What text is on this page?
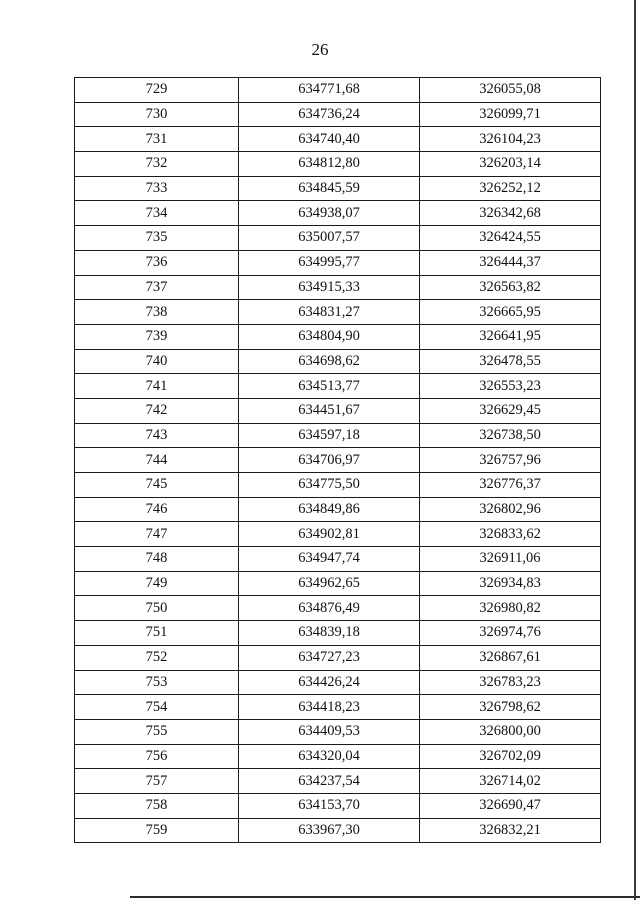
26
729	634771,68	326055,08
730	634736,24	326099,71
731	634740,40	326104,23
732	634812,80	326203,14
733	634845,59	326252,12
734	634938,07	326342,68
735	635007,57	326424,55
736	634995,77	326444,37
737	634915,33	326563,82
738	634831,27	326665,95
739	634804,90	326641,95
740	634698,62	326478,55
741	634513,77	326553,23
742	634451,67	326629,45
743	634597,18	326738,50
744	634706,97	326757,96
745	634775,50	326776,37
746	634849,86	326802,96
747	634902,81	326833,62
748	634947,74	326911,06
749	634962,65	326934,83
750	634876,49	326980,82
751	634839,18	326974,76
752	634727,23	326867,61
753	634426,24	326783,23
754	634418,23	326798,62
755	634409,53	326800,00
756	634320,04	326702,09
757	634237,54	326714,02
758	634153,70	326690,47
759	633967,30	326832,21
